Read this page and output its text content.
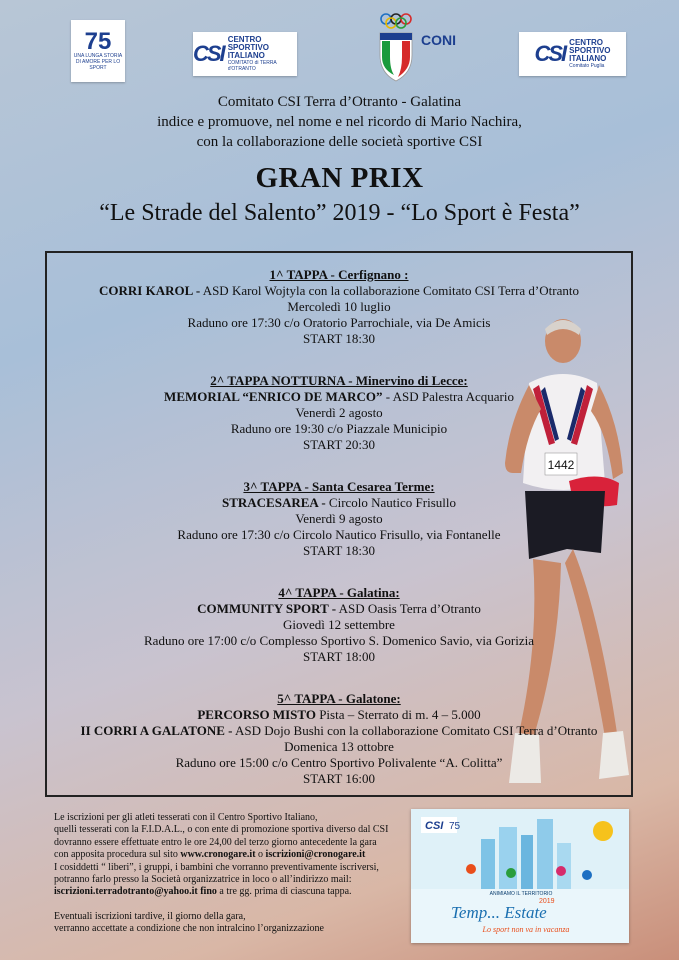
75
UNA LUNGA STORIA DI AMORE PER LO SPORT
CSI
CENTRO
SPORTIVO
ITALIANO
COMITATO di TERRA d'OTRANTO
CONI
CSI CENTRO
SPORTIVO
ITALIANO
Comitato Puglia
Comitato CSI Terra d’Otranto - Galatina
indice e promuove, nel nome e nel ricordo di Mario Nachira,
con la collaborazione delle società sportive CSI
GRAN PRIX
“Le Strade del Salento” 2019 - “Lo Sport è Festa”
1442
1^ TAPPA - Cerfignano :
CORRI KAROL - ASD Karol Wojtyla con la collaborazione Comitato CSI Terra d’Otranto
Mercoledì 10 luglio
Raduno ore 17:30 c/o Oratorio Parrochiale, via De Amicis
START 18:30
2^ TAPPA NOTTURNA - Minervino di Lecce:
MEMORIAL “ENRICO DE MARCO” - ASD Palestra Acquario
Venerdì 2 agosto
Raduno ore 19:30 c/o Piazzale Municipio
START 20:30
3^ TAPPA - Santa Cesarea Terme:
STRACESAREA - Circolo Nautico Frisullo
Venerdì 9 agosto
Raduno ore 17:30 c/o Circolo Nautico Frisullo, via Fontanelle
START 18:30
4^ TAPPA - Galatina:
COMMUNITY SPORT - ASD Oasis Terra d’Otranto
Giovedì 12 settembre
Raduno ore 17:00 c/o Complesso Sportivo S. Domenico Savio, via Gorizia
START 18:00
5^ TAPPA - Galatone:
PERCORSO MISTO Pista – Sterrato di m. 4 – 5.000
II CORRI A GALATONE - ASD Dojo Bushi con la collaborazione Comitato CSI Terra d’Otranto
Domenica 13 ottobre
Raduno ore 15:00 c/o Centro Sportivo Polivalente “A. Colitta”
START 16:00
Le iscrizioni per gli atleti tesserati con il Centro Sportivo Italiano,
quelli tesserati con la F.I.D.A.L., o con ente di promozione sportiva diverso dal CSI
dovranno essere effettuate entro le ore 24,00 del terzo giorno antecedente la gara
con apposita procedura sul sito www.cronogare.it o iscrizioni@cronogare.it
I cosiddetti “ liberi”, i gruppi, i bambini che vorranno preventivamente iscriversi,
potranno farlo presso la Società organizzatrice in loco o all’indirizzo mail:
iscrizioni.terradotranto@yahoo.it fino a tre gg. prima di ciascuna tappa.
Eventuali iscrizioni tardive, il giorno della gara,
verranno accettate a condizione che non intralcino l’organizzazione
CSI 75
ANIMIAMO IL TERRITORIO
Temp... Estate
2019
Lo sport non va in vacanza
